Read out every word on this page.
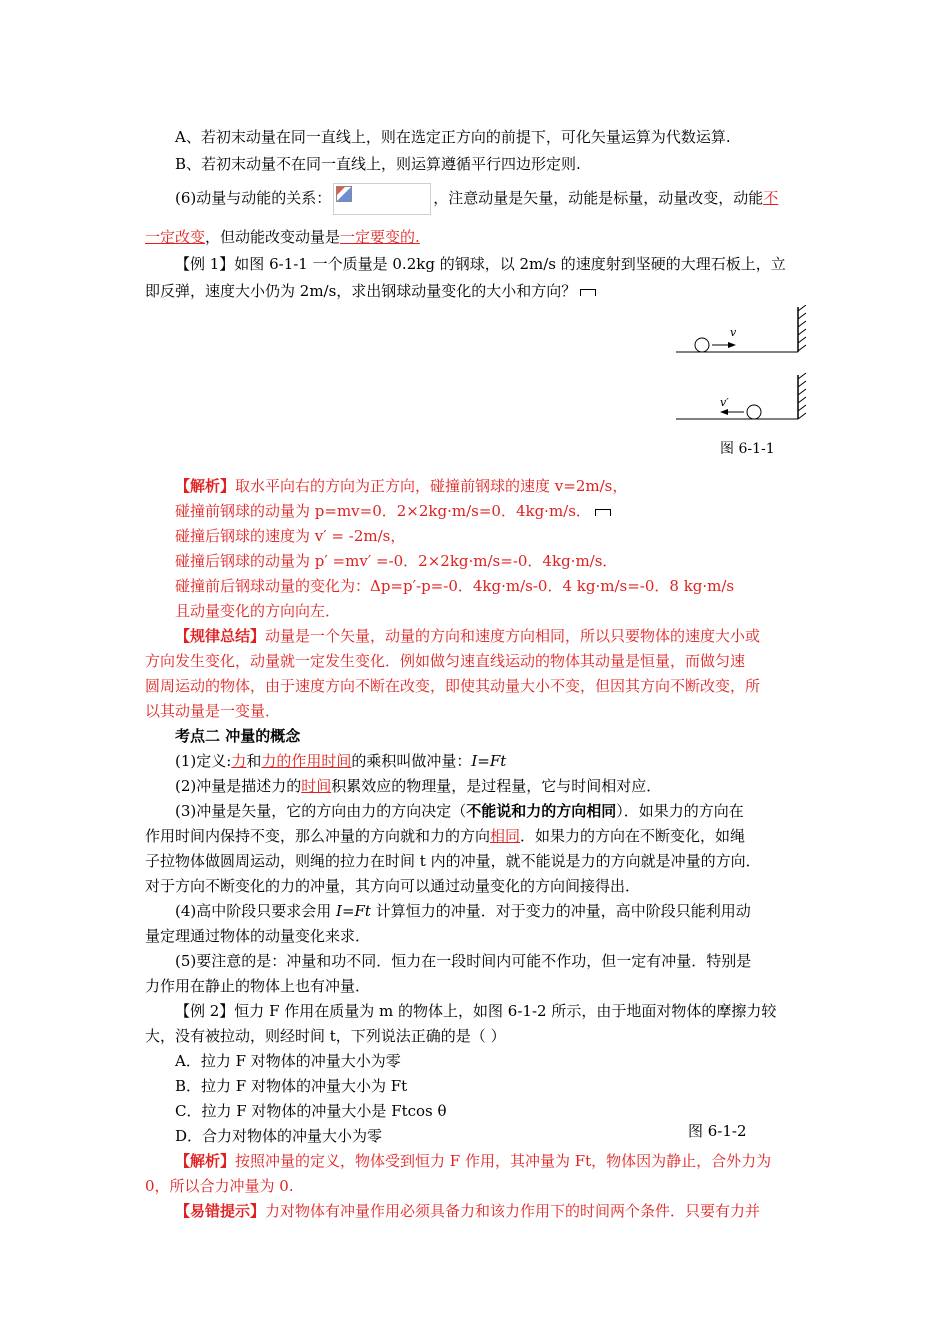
A、若初末动量在同一直线上，则在选定正方向的前提下，可化矢量运算为代数运算.
B、若初末动量不在同一直线上，则运算遵循平行四边形定则.
(6)动量与动能的关系：	，注意动量是矢量，动能是标量，动量改变，动能不
一定改变，但动能改变动量是一定要变的.
【例 1】如图 6-1-1 一个质量是 0.2kg 的钢球，以 2m/s 的速度射到坚硬的大理石板上，立
即反弹，速度大小仍为 2m/s，求出钢球动量变化的大小和方向？
v
v′
图 6-1-1
【解析】取水平向右的方向为正方向，碰撞前钢球的速度 v=2m/s，
碰撞前钢球的动量为 p=mv=0．2×2kg·m/s=0．4kg·m/s．
碰撞后钢球的速度为 v′ = -2m/s，
碰撞后钢球的动量为 p′ =mv′ =-0．2×2kg·m/s=-0．4kg·m/s．
碰撞前后钢球动量的变化为：Δp=p′-p=-0．4kg·m/s-0．4 kg·m/s=-0．8 kg·m/s
且动量变化的方向向左．
【规律总结】动量是一个矢量，动量的方向和速度方向相同，所以只要物体的速度大小或
方向发生变化，动量就一定发生变化．例如做匀速直线运动的物体其动量是恒量，而做匀速
圆周运动的物体，由于速度方向不断在改变，即使其动量大小不变，但因其方向不断改变，所
以其动量是一变量．
考点二 冲量的概念
(1)定义:力和力的作用时间的乘积叫做冲量：I=Ft
(2)冲量是描述力的时间积累效应的物理量，是过程量，它与时间相对应．
(3)冲量是矢量，它的方向由力的方向决定（不能说和力的方向相同）．如果力的方向在
作用时间内保持不变，那么冲量的方向就和力的方向相同．如果力的方向在不断变化，如绳
子拉物体做圆周运动，则绳的拉力在时间 t 内的冲量，就不能说是力的方向就是冲量的方向．
对于方向不断变化的力的冲量，其方向可以通过动量变化的方向间接得出．
(4)高中阶段只要求会用 I=Ft 计算恒力的冲量．对于变力的冲量，高中阶段只能利用动
量定理通过物体的动量变化来求．
(5)要注意的是：冲量和功不同．恒力在一段时间内可能不作功，但一定有冲量．特别是
力作用在静止的物体上也有冲量．
【例 2】恒力 F 作用在质量为 m 的物体上，如图 6-1-2 所示，由于地面对物体的摩擦力较
大，没有被拉动，则经时间 t，下列说法正确的是（ ）
A．拉力 F 对物体的冲量大小为零
B．拉力 F 对物体的冲量大小为 Ft
C．拉力 F 对物体的冲量大小是 Ftcos θ
图 6-1-2
D．合力对物体的冲量大小为零
【解析】按照冲量的定义，物体受到恒力 F 作用，其冲量为 Ft，物体因为静止，合外力为
0，所以合力冲量为 0.
【易错提示】力对物体有冲量作用必须具备力和该力作用下的时间两个条件．只要有力并
